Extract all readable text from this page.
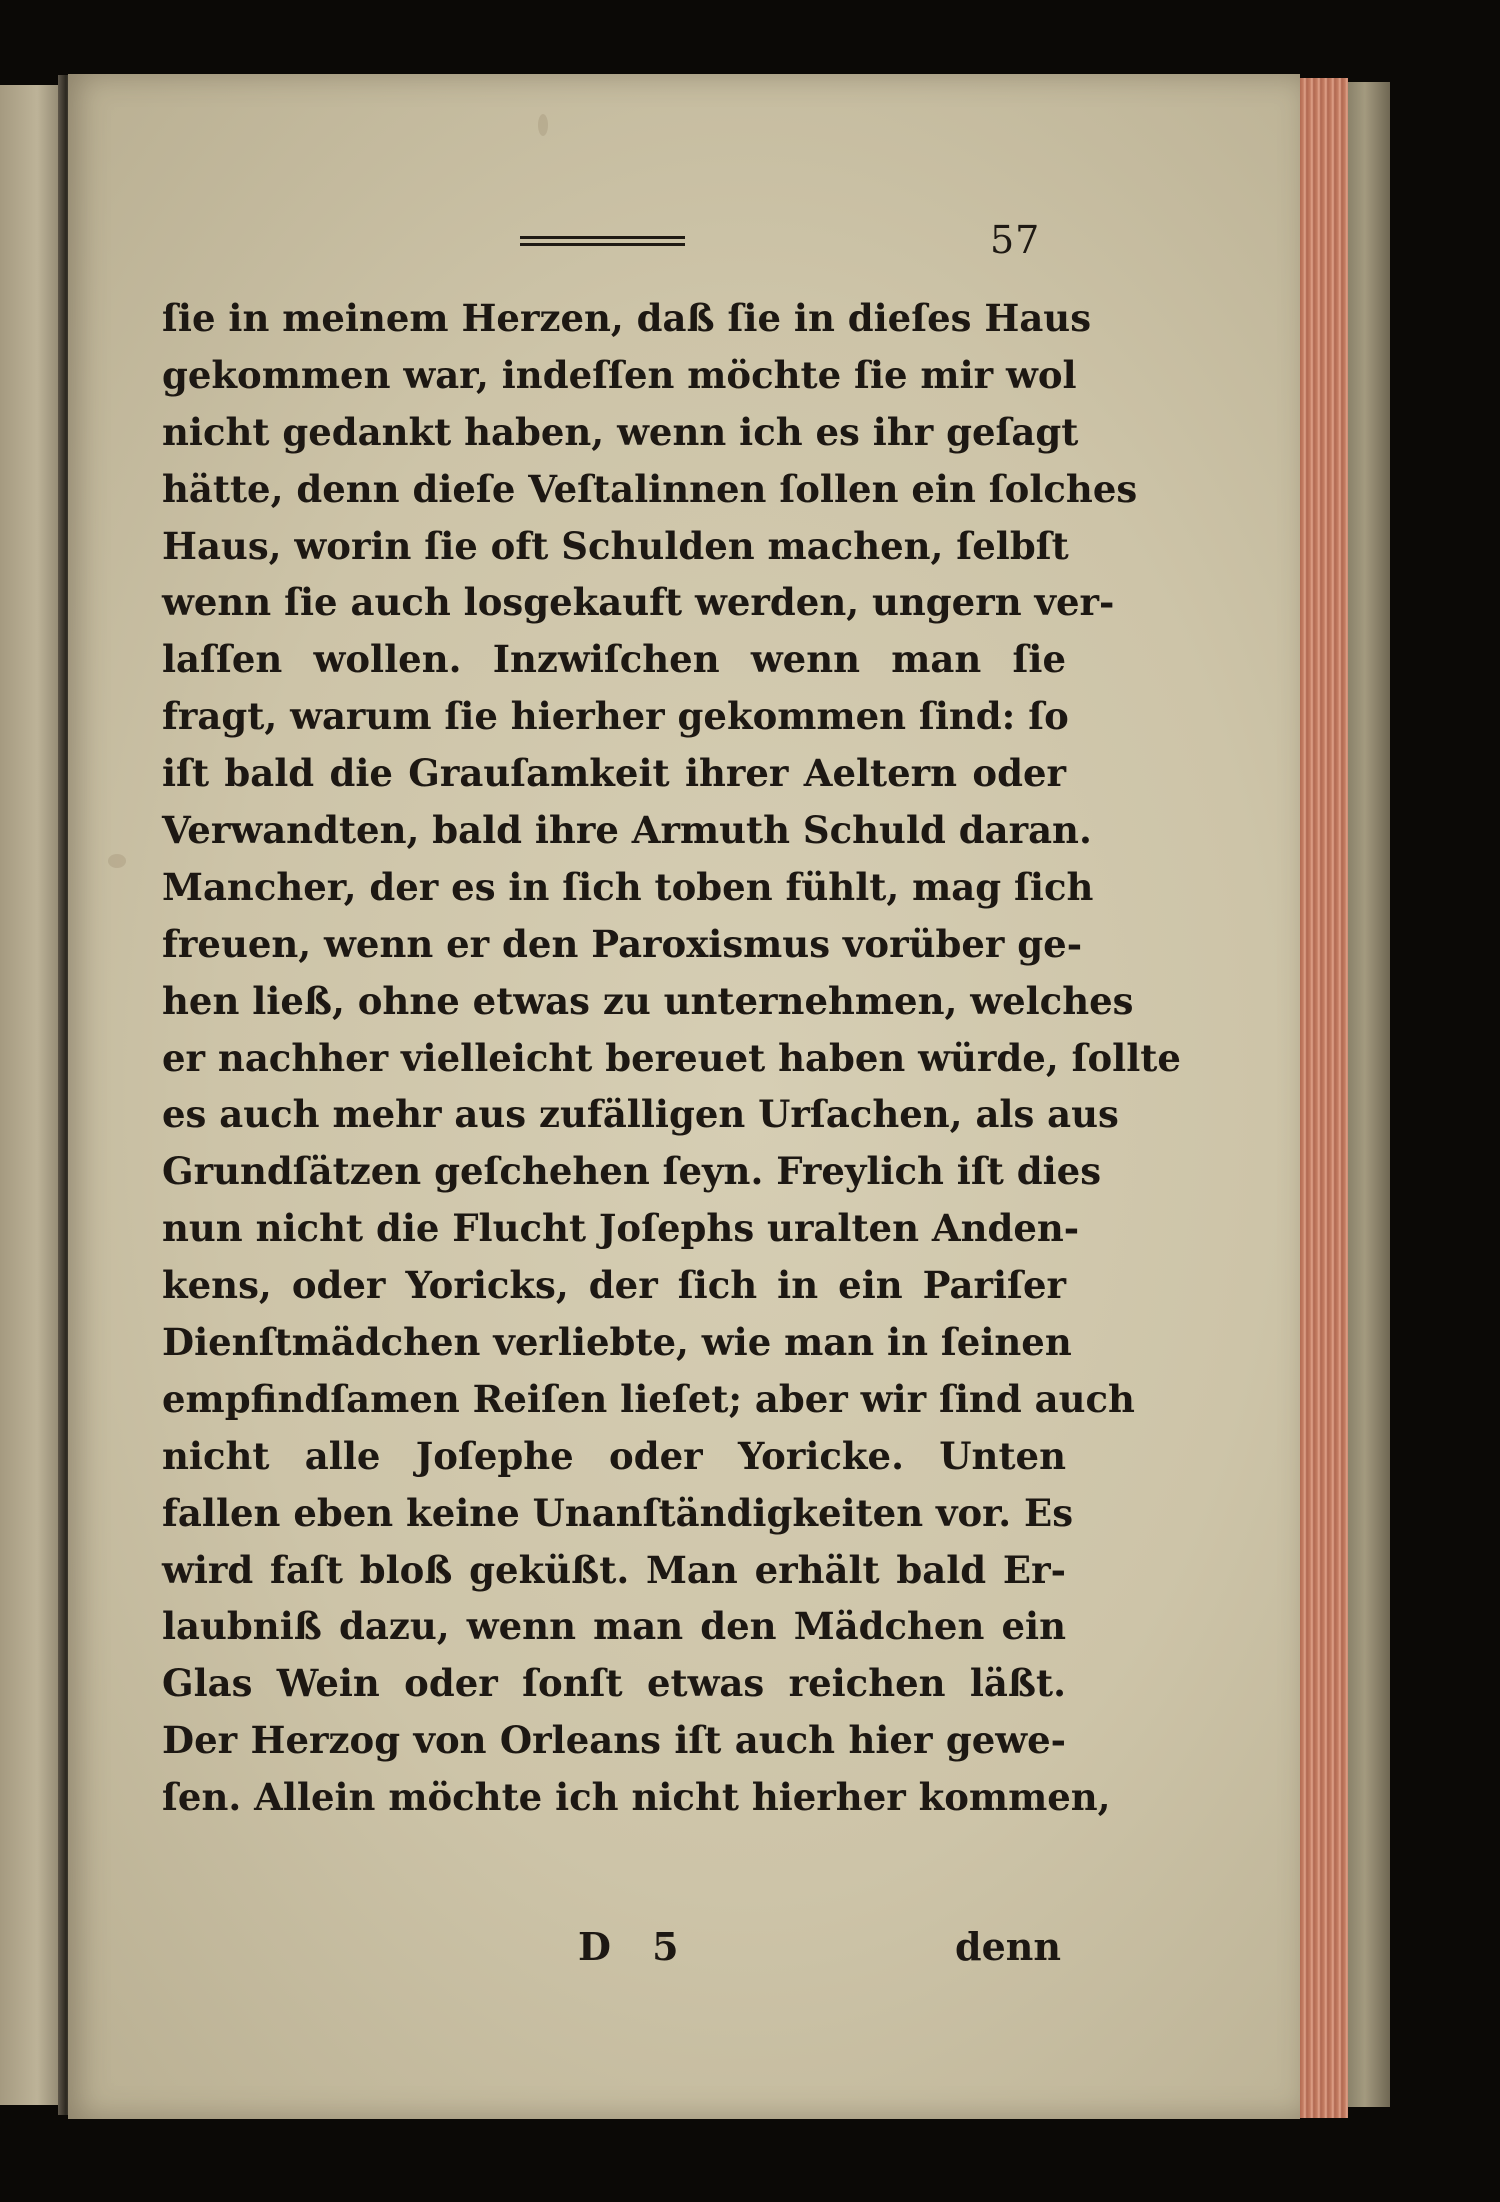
57
ſie in meinem Herzen, daß ſie in dieſes Haus
gekommen war, indeſſen möchte ſie mir wol
nicht gedankt haben, wenn ich es ihr geſagt
hätte, denn dieſe Veſtalinnen ſollen ein ſolches
Haus, worin ſie oft Schulden machen, ſelbſt
wenn ſie auch losgekauft werden, ungern ver-
laſſen wollen. Inzwiſchen wenn man ſie
fragt, warum ſie hierher gekommen ſind: ſo
iſt bald die Grauſamkeit ihrer Aeltern oder
Verwandten, bald ihre Armuth Schuld daran.
Mancher, der es in ſich toben fühlt, mag ſich
freuen, wenn er den Paroxismus vorüber ge-
hen ließ, ohne etwas zu unternehmen, welches
er nachher vielleicht bereuet haben würde, ſollte
es auch mehr aus zufälligen Urſachen, als aus
Grundſätzen geſchehen ſeyn. Freylich iſt dies
nun nicht die Flucht Joſephs uralten Anden-
kens, oder Yoricks, der ſich in ein Pariſer
Dienſtmädchen verliebte, wie man in ſeinen
empfindſamen Reiſen lieſet; aber wir ſind auch
nicht alle Joſephe oder Yoricke. Unten
fallen eben keine Unanſtändigkeiten vor. Es
wird faſt bloß geküßt. Man erhält bald Er-
laubniß dazu, wenn man den Mädchen ein
Glas Wein oder ſonſt etwas reichen läßt.
Der Herzog von Orleans iſt auch hier gewe-
ſen. Allein möchte ich nicht hierher kommen,
D 5	denn
